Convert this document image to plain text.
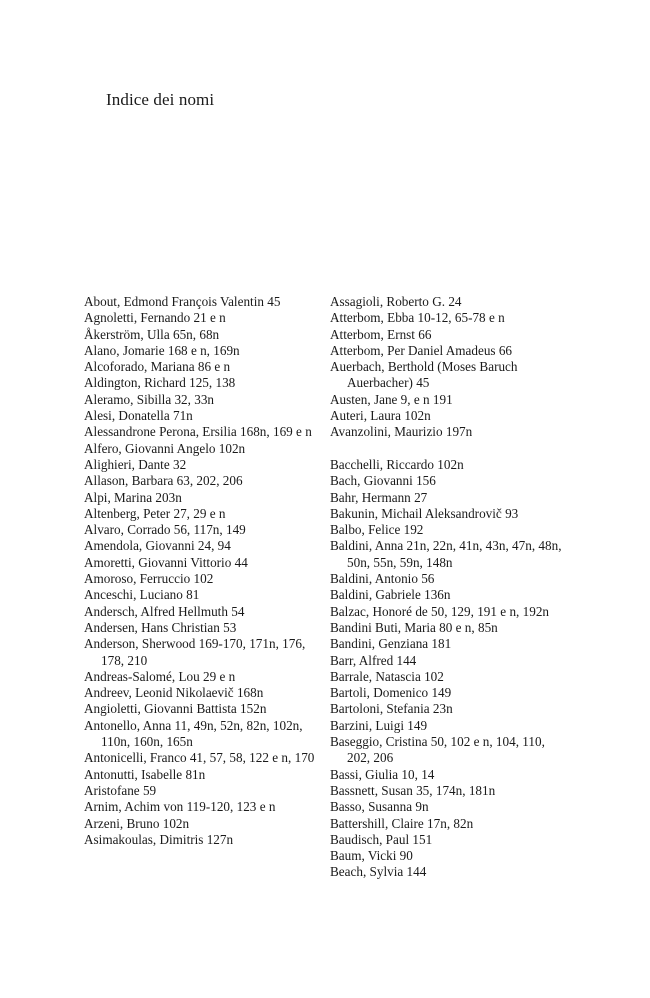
Indice dei nomi
About, Edmond François Valentin 45
Agnoletti, Fernando 21 e n
Åkerström, Ulla 65n, 68n
Alano, Jomarie 168 e n, 169n
Alcoforado, Mariana 86 e n
Aldington, Richard 125, 138
Aleramo, Sibilla 32, 33n
Alesi, Donatella 71n
Alessandrone Perona, Ersilia 168n, 169 e n
Alfero, Giovanni Angelo 102n
Alighieri, Dante 32
Allason, Barbara 63, 202, 206
Alpi, Marina 203n
Altenberg, Peter 27, 29 e n
Alvaro, Corrado 56, 117n, 149
Amendola, Giovanni 24, 94
Amoretti, Giovanni Vittorio 44
Amoroso, Ferruccio 102
Anceschi, Luciano 81
Andersch, Alfred Hellmuth 54
Andersen, Hans Christian 53
Anderson, Sherwood 169-170, 171n, 176, 178, 210
Andreas-Salomé, Lou 29 e n
Andreev, Leonid Nikolaevič 168n
Angioletti, Giovanni Battista 152n
Antonello, Anna 11, 49n, 52n, 82n, 102n, 110n, 160n, 165n
Antonicelli, Franco 41, 57, 58, 122 e n, 170
Antonutti, Isabelle 81n
Aristofane 59
Arnim, Achim von 119-120, 123 e n
Arzeni, Bruno 102n
Asimakoulas, Dimitris 127n
Assagioli, Roberto G. 24
Atterbom, Ebba 10-12, 65-78 e n
Atterbom, Ernst 66
Atterbom, Per Daniel Amadeus 66
Auerbach, Berthold (Moses Baruch Auerbacher) 45
Austen, Jane 9, e n 191
Auteri, Laura 102n
Avanzolini, Maurizio 197n
Bacchelli, Riccardo 102n
Bach, Giovanni 156
Bahr, Hermann 27
Bakunin, Michail Aleksandrovič 93
Balbo, Felice 192
Baldini, Anna 21n, 22n, 41n, 43n, 47n, 48n, 50n, 55n, 59n, 148n
Baldini, Antonio 56
Baldini, Gabriele 136n
Balzac, Honoré de 50, 129, 191 e n, 192n
Bandini Buti, Maria 80 e n, 85n
Bandini, Genziana 181
Barr, Alfred 144
Barrale, Natascia 102
Bartoli, Domenico 149
Bartoloni, Stefania 23n
Barzini, Luigi 149
Baseggio, Cristina 50, 102 e n, 104, 110, 202, 206
Bassi, Giulia 10, 14
Bassnett, Susan 35, 174n, 181n
Basso, Susanna 9n
Battershill, Claire 17n, 82n
Baudisch, Paul 151
Baum, Vicki 90
Beach, Sylvia 144
